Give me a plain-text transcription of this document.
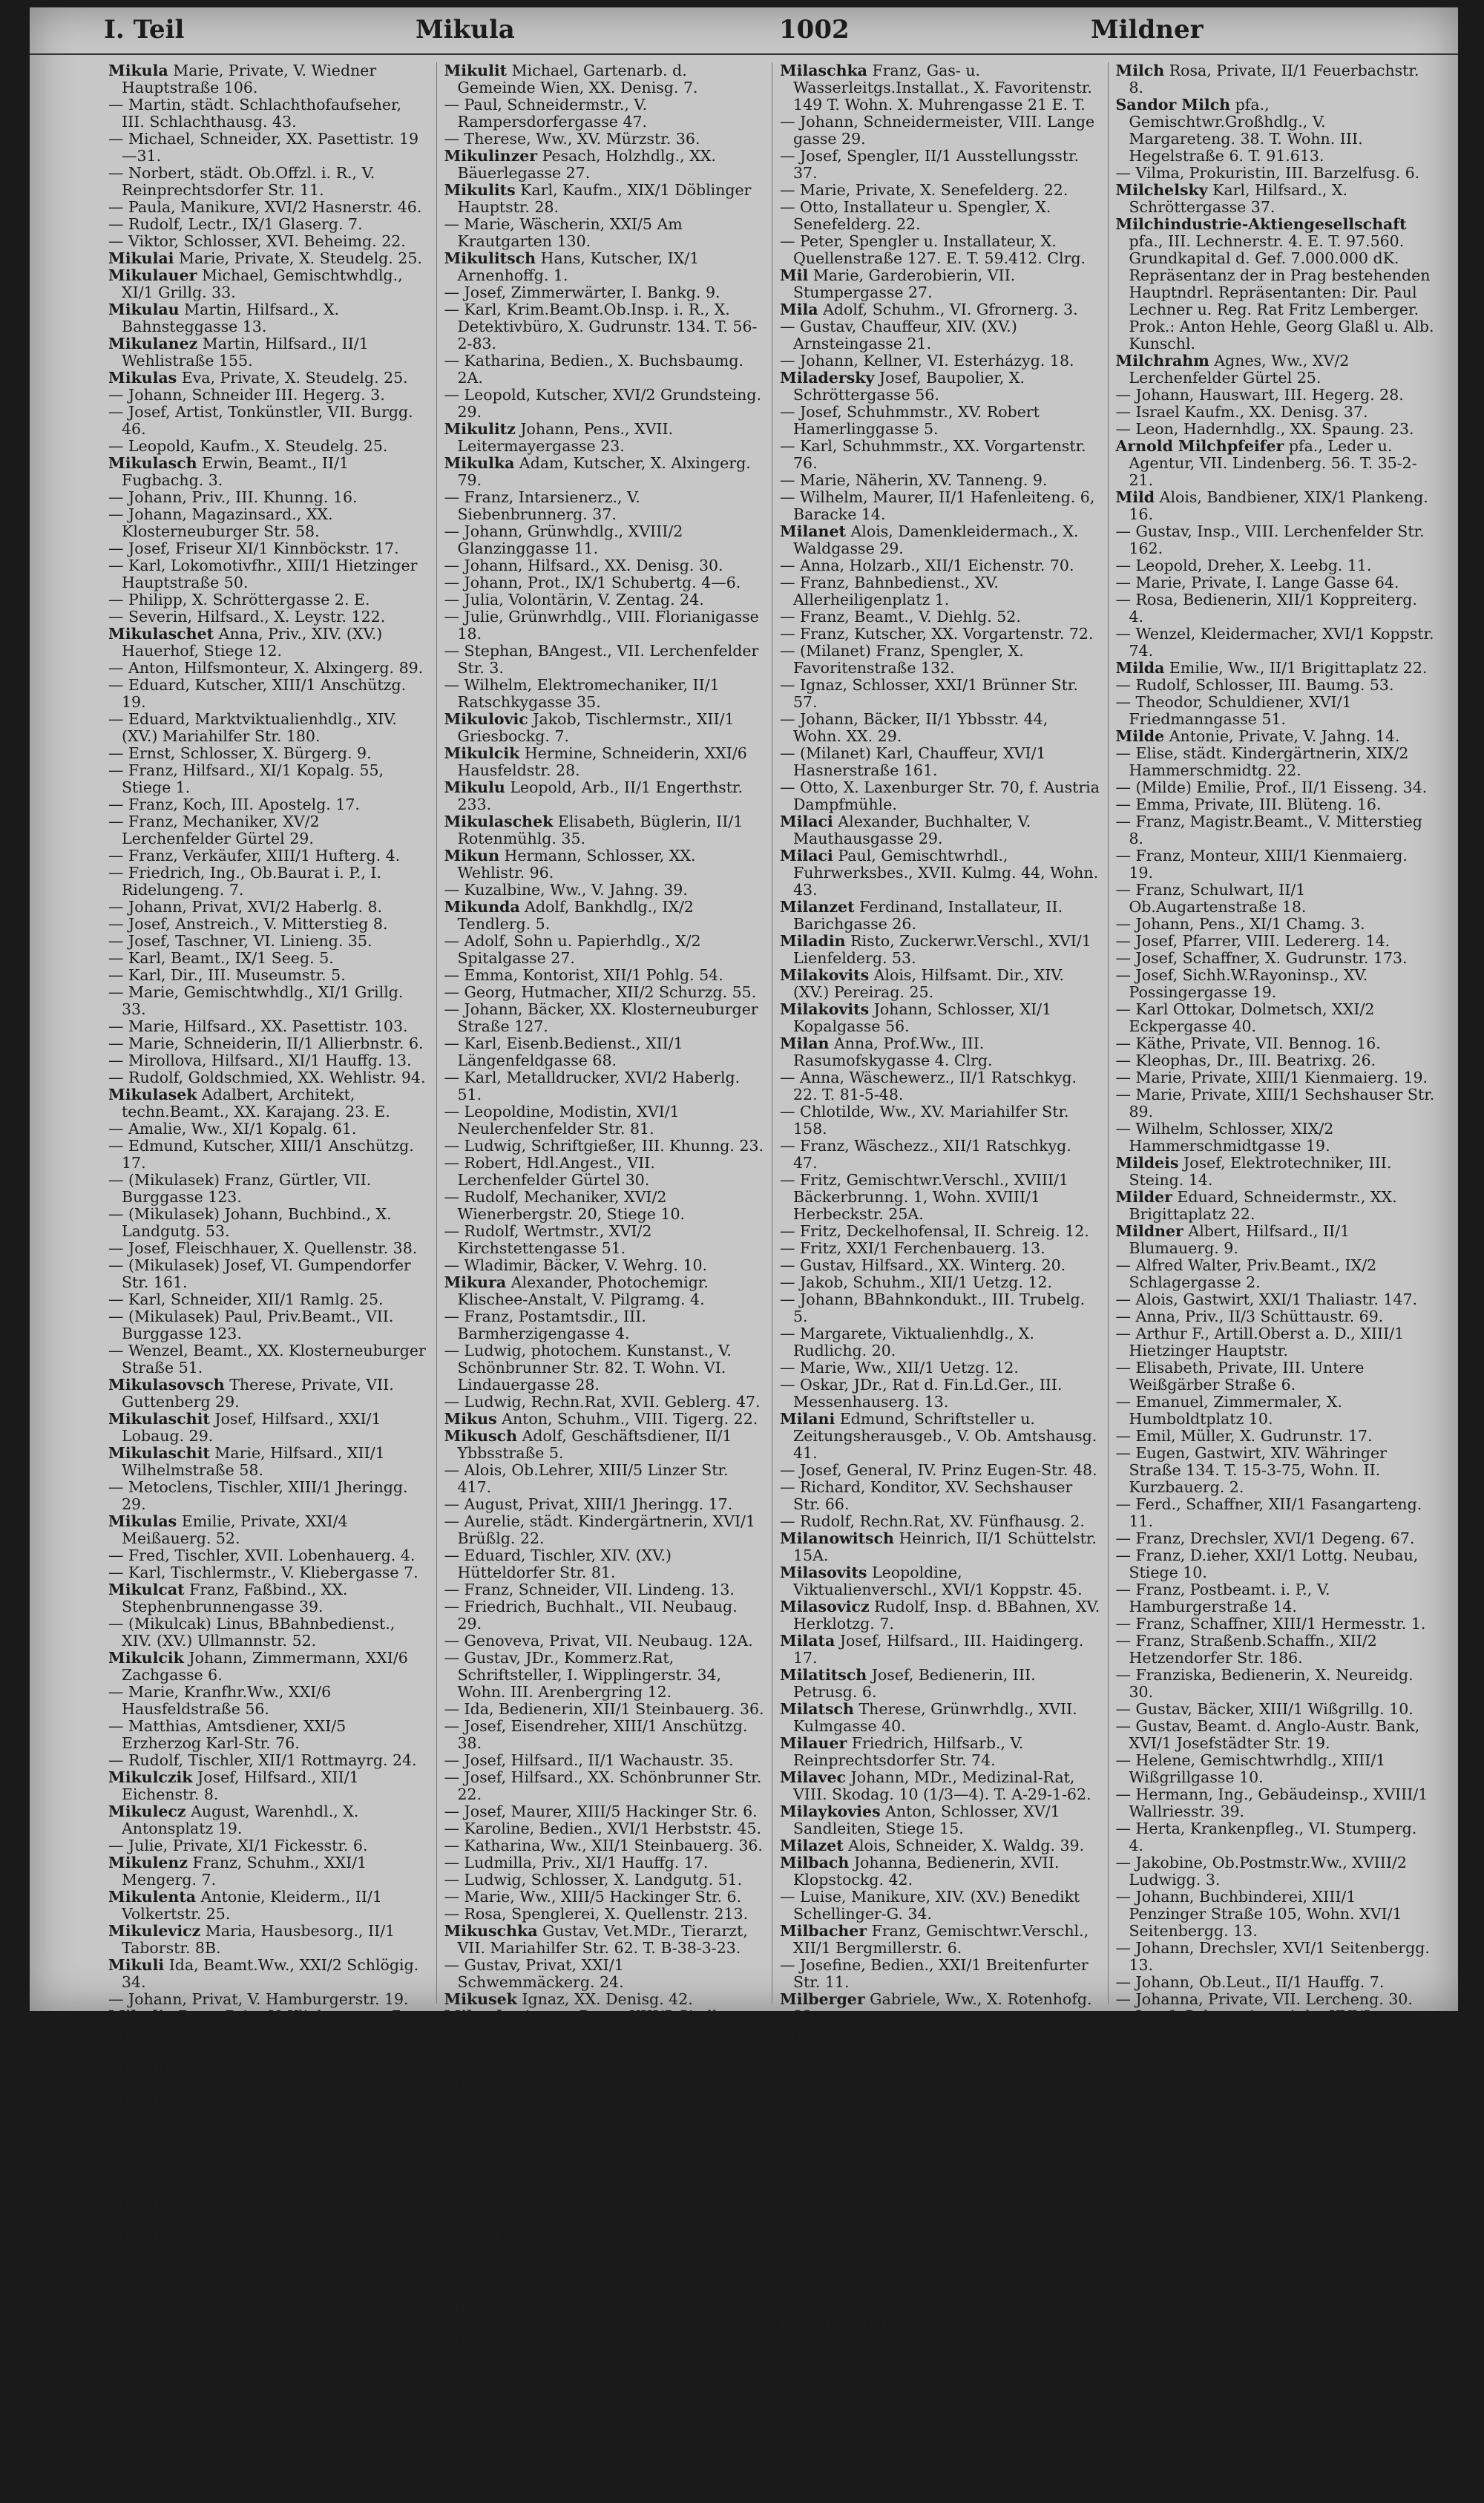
I. Teil	Mikula	1002	Mildner

Mikula Marie, Private, V. Wiedner Hauptstraße 106.

— Martin, städt. Schlachthofaufseher, III. Schlachthausg. 43.

— Michael, Schneider, XX. Pasettistr. 19—31.

— Norbert, städt. Ob.Offzl. i. R., V. Reinprechtsdorfer Str. 11.

— Paula, Manikure, XVI/2 Hasnerstr. 46.

— Rudolf, Lectr., IX/1 Glaserg. 7.

— Viktor, Schlosser, XVI. Beheimg. 22.

Mikulai Marie, Private, X. Steudelg. 25.

Mikulauer Michael, Gemischtwhdlg., XI/1 Grillg. 33.

Mikulau Martin, Hilfsard., X. Bahnsteggasse 13.

Mikulanez Martin, Hilfsard., II/1 Wehlistraße 155.

Mikulas Eva, Private, X. Steudelg. 25.

— Johann, Schneider III. Hegerg. 3.

— Josef, Artist, Tonkünstler, VII. Burgg. 46.

— Leopold, Kaufm., X. Steudelg. 25.

Mikulasch Erwin, Beamt., II/1 Fugbachg. 3.

— Johann, Priv., III. Khunng. 16.

— Johann, Magazinsard., XX. Klosterneuburger Str. 58.

— Josef, Friseur XI/1 Kinnböckstr. 17.

— Karl, Lokomotivfhr., XIII/1 Hietzinger Hauptstraße 50.

— Philipp, X. Schröttergasse 2. E.

— Severin, Hilfsard., X. Leystr. 122.

Mikulaschet Anna, Priv., XIV. (XV.) Hauerhof, Stiege 12.

— Anton, Hilfsmonteur, X. Alxingerg. 89.

— Eduard, Kutscher, XIII/1 Anschützg. 19.

— Eduard, Marktviktualienhdlg., XIV. (XV.) Mariahilfer Str. 180.

— Ernst, Schlosser, X. Bürgerg. 9.

— Franz, Hilfsard., XI/1 Kopalg. 55, Stiege 1.

— Franz, Koch, III. Apostelg. 17.

— Franz, Mechaniker, XV/2 Lerchenfelder Gürtel 29.

— Franz, Verkäufer, XIII/1 Hufterg. 4.

— Friedrich, Ing., Ob.Baurat i. P., I. Ridelungeng. 7.

— Johann, Privat, XVI/2 Haberlg. 8.

— Josef, Anstreich., V. Mitterstieg 8.

— Josef, Taschner, VI. Linieng. 35.

— Karl, Beamt., IX/1 Seeg. 5.

— Karl, Dir., III. Museumstr. 5.

— Marie, Gemischtwhdlg., XI/1 Grillg. 33.

— Marie, Hilfsard., XX. Pasettistr. 103.

— Marie, Schneiderin, II/1 Allierbnstr. 6.

— Mirollova, Hilfsard., XI/1 Hauffg. 13.

— Rudolf, Goldschmied, XX. Wehlistr. 94.

Mikulasek Adalbert, Architekt, techn.Beamt., XX. Karajang. 23. E.

— Amalie, Ww., XI/1 Kopalg. 61.

— Edmund, Kutscher, XIII/1 Anschützg. 17.

— (Mikulasek) Franz, Gürtler, VII. Burggasse 123.

— (Mikulasek) Johann, Buchbind., X. Landgutg. 53.

— Josef, Fleischhauer, X. Quellenstr. 38.

— (Mikulasek) Josef, VI. Gumpendorfer Str. 161.

— Karl, Schneider, XII/1 Ramlg. 25.

— (Mikulasek) Paul, Priv.Beamt., VII. Burggasse 123.

— Wenzel, Beamt., XX. Klosterneuburger Straße 51.

Mikulasovsch Therese, Private, VII. Guttenberg 29.

Mikulaschit Josef, Hilfsard., XXI/1 Lobaug. 29.

Mikulaschit Marie, Hilfsard., XII/1 Wilhelmstraße 58.

— Metoclens, Tischler, XIII/1 Jheringg. 29.

Mikulas Emilie, Private, XXI/4 Meißauerg. 52.

— Fred, Tischler, XVII. Lobenhauerg. 4.

— Karl, Tischlermstr., V. Kliebergasse 7.

Mikulcat Franz, Faßbind., XX. Stephenbrunnengasse 39.

— (Mikulcak) Linus, BBahnbedienst., XIV. (XV.) Ullmannstr. 52.

Mikulcik Johann, Zimmermann, XXI/6 Zachgasse 6.

— Marie, Kranfhr.Ww., XXI/6 Hausfeldstraße 56.

— Matthias, Amtsdiener, XXI/5 Erzherzog Karl-Str. 76.

— Rudolf, Tischler, XII/1 Rottmayrg. 24.

Mikulczik Josef, Hilfsard., XII/1 Eichenstr. 8.

Mikulecz August, Warenhdl., X. Antonsplatz 19.

— Julie, Private, XI/1 Fickesstr. 6.

Mikulenz Franz, Schuhm., XXI/1 Mengerg. 7.

Mikulenta Antonie, Kleiderm., II/1 Volkertstr. 25.

Mikulevicz Maria, Hausbesorg., II/1 Taborstr. 8B.

Mikuli Ida, Beamt.Ww., XXI/2 Schlögig. 34.

— Johann, Privat, V. Hamburgerstr. 19.

Mikulic Rosa, Priv., V. Kliebergasse 7.

Mikulic-Rudecki Marie, Private, V. Hamburgerstr. 14.

Mikulica Franz, Müllner, XVIII/1 Theresiengasse 28.

Mikulics Josef, Installat. u. Spengler, XIV. (XV.) Sturzg. 28.

— (Mikulics) Karl, Elektrik., II/1 Gr. Sperlgasse 21.

— (Mikulics) Paul, Grünwrhdlg., XX. Herklotzg. 4, Wohn. VI. Kaiserstr. 109.

Mikulien Anna, Private, XII/1 Dörfelstr. 10.

Mikulin Bernhard, städt. Beamt., II. Mohsgasse 27.

— Ignaz, Schlosser, XVII. Kalvarienberggasse 54.

— Johann, Hilfsard., X. Laxenstr. 16.

— Josefine, Private, XXI/1 Am Krautgarten 130.

— Karl, techn.Rat, XII/1 St. Belt-G. 76.

— Marie, Private, XIX/1 Rodlerg. 6.

Mikulit Michael, Gartenarb. d. Gemeinde Wien, XX. Denisg. 7.

— Paul, Schneidermstr., V. Rampersdorfergasse 47.

— Therese, Ww., XV. Mürzstr. 36.

Mikulinzer Pesach, Holzhdlg., XX. Bäuerlegasse 27.

Mikulits Karl, Kaufm., XIX/1 Döblinger Hauptstr. 28.

— Marie, Wäscherin, XXI/5 Am Krautgarten 130.

Mikulitsch Hans, Kutscher, IX/1 Arnenhoffg. 1.

— Josef, Zimmerwärter, I. Bankg. 9.

— Karl, Krim.Beamt.Ob.Insp. i. R., X. Detektivbüro, X. Gudrunstr. 134. T. 56-2-83.

— Katharina, Bedien., X. Buchsbaumg. 2A.

— Leopold, Kutscher, XVI/2 Grundsteing. 29.

Mikulitz Johann, Pens., XVII. Leitermayergasse 23.

Mikulka Adam, Kutscher, X. Alxingerg. 79.

— Franz, Intarsienerz., V. Siebenbrunnerg. 37.

— Johann, Grünwhdlg., XVIII/2 Glanzinggasse 11.

— Johann, Hilfsard., XX. Denisg. 30.

— Johann, Prot., IX/1 Schubertg. 4—6.

— Julia, Volontärin, V. Zentag. 24.

— Julie, Grünwrhdlg., VIII. Florianigasse 18.

— Stephan, BAngest., VII. Lerchenfelder Str. 3.

— Wilhelm, Elektromechaniker, II/1 Ratschkygasse 35.

Mikulovic Jakob, Tischlermstr., XII/1 Griesbockg. 7.

Mikulcik Hermine, Schneiderin, XXI/6 Hausfeldstr. 28.

Mikulu Leopold, Arb., II/1 Engerthstr. 233.

Mikulaschek Elisabeth, Büglerin, II/1 Rotenmühlg. 35.

Mikun Hermann, Schlosser, XX. Wehlistr. 96.

— Kuzalbine, Ww., V. Jahng. 39.

Mikunda Adolf, Bankhdlg., IX/2 Tendlerg. 5.

— Adolf, Sohn u. Papierhdlg., X/2 Spitalgasse 27.

— Emma, Kontorist, XII/1 Pohlg. 54.

— Georg, Hutmacher, XII/2 Schurzg. 55.

— Johann, Bäcker, XX. Klosterneuburger Straße 127.

— Karl, Eisenb.Bedienst., XII/1 Längenfeldgasse 68.

— Karl, Metalldrucker, XVI/2 Haberlg. 51.

— Leopoldine, Modistin, XVI/1 Neulerchenfelder Str. 81.

— Ludwig, Schriftgießer, III. Khunng. 23.

— Robert, Hdl.Angest., VII. Lerchenfelder Gürtel 30.

— Rudolf, Mechaniker, XVI/2 Wienerbergstr. 20, Stiege 10.

— Rudolf, Wertmstr., XVI/2 Kirchstettengasse 51.

— Wladimir, Bäcker, V. Wehrg. 10.

Mikura Alexander, Photochemigr. Klischee-Anstalt, V. Pilgramg. 4.

— Franz, Postamtsdir., III. Barmherzigengasse 4.

— Ludwig, photochem. Kunstanst., V. Schönbrunner Str. 82. T. Wohn. VI. Lindauergasse 28.

— Ludwig, Rechn.Rat, XVII. Geblerg. 47.

Mikus Anton, Schuhm., VIII. Tigerg. 22.

Mikusch Adolf, Geschäftsdiener, II/1 Ybbsstraße 5.

— Alois, Ob.Lehrer, XIII/5 Linzer Str. 417.

— August, Privat, XIII/1 Jheringg. 17.

— Aurelie, städt. Kindergärtnerin, XVI/1 Brüßlg. 22.

— Eduard, Tischler, XIV. (XV.) Hütteldorfer Str. 81.

— Franz, Schneider, VII. Lindeng. 13.

— Friedrich, Buchhalt., VII. Neubaug. 29.

— Genoveva, Privat, VII. Neubaug. 12A.

— Gustav, JDr., Kommerz.Rat, Schriftsteller, I. Wipplingerstr. 34, Wohn. III. Arenbergring 12.

— Ida, Bedienerin, XII/1 Steinbauerg. 36.

— Josef, Eisendreher, XIII/1 Anschützg. 38.

— Josef, Hilfsard., II/1 Wachaustr. 35.

— Josef, Hilfsard., XX. Schönbrunner Str. 22.

— Josef, Maurer, XIII/5 Hackinger Str. 6.

— Karoline, Bedien., XVI/1 Herbststr. 45.

— Katharina, Ww., XII/1 Steinbauerg. 36.

— Ludmilla, Priv., XI/1 Hauffg. 17.

— Ludwig, Schlosser, X. Landgutg. 51.

— Marie, Ww., XIII/5 Hackinger Str. 6.

— Rosa, Spenglerei, X. Quellenstr. 213.

Mikuschka Gustav, Vet.MDr., Tierarzt, VII. Mariahilfer Str. 62. T. B-38-3-23.

— Gustav, Privat, XXI/1 Schwemmäckerg. 24.

Mikusek Ignaz, XX. Denisg. 42.

Mikuska Agnes, Pens., XIII/5 Siedlg. Flötzersteig 157.

— (Mikuska) Leopold, Buchbinder, XVI/1 Wernhardtstr. 17.

Mikusko Agnes, Krankenpfleg., IX/1 Guffenbauerg. 6.

Mikustovicz Antonie, Bedien., V. Kompertg. 3.

— Franz, Hilfsard., XX. Innstr. 13.

— Leopoldine, Bedienerin, V. Wimmerg. 33.

Mikuta Georg, Hilfsard., V. Wimmerg. 33.

Mikyska Albert, Schaffner, XX. Spaung. 21.

— Karoline, Ww., XVIII/1 Klosterg. 17.

— Robert, Priv.Beamt., V. Grünwaldg. 1.

Milfya Alois, Schuhm., XVI/2 Liebhardtgasse 13.

Milade Josef, Stontift, VIII. Sigmundsgasse 15.

Milaschka Alois, JDr., Rechtsanw., III. Schrottgasse 6—8. T. 93.910.

Milaschka Franz, Gas- u. Wasserleitgs.Installat., X. Favoritenstr. 149 T. Wohn. X. Muhrengasse 21 E. T.

— Johann, Schneidermeister, VIII. Lange gasse 29.

— Josef, Spengler, II/1 Ausstellungsstr. 37.

— Marie, Private, X. Senefelderg. 22.

— Otto, Installateur u. Spengler, X. Senefelderg. 22.

— Peter, Spengler u. Installateur, X. Quellenstraße 127. E. T. 59.412. Clrg.

Mil Marie, Garderobierin, VII. Stumpergasse 27.

Mila Adolf, Schuhm., VI. Gfrornerg. 3.

— Gustav, Chauffeur, XIV. (XV.) Arnsteingasse 21.

— Johann, Kellner, VI. Esterházyg. 18.

Miladersky Josef, Baupolier, X. Schröttergasse 56.

— Josef, Schuhmmstr., XV. Robert Hamerlinggasse 5.

— Karl, Schuhmmstr., XX. Vorgartenstr. 76.

— Marie, Näherin, XV. Tanneng. 9.

— Wilhelm, Maurer, II/1 Hafenleiteng. 6, Baracke 14.

Milanet Alois, Damenkleidermach., X. Waldgasse 29.

— Anna, Holzarb., XII/1 Eichenstr. 70.

— Franz, Bahnbedienst., XV. Allerheiligenplatz 1.

— Franz, Beamt., V. Diehlg. 52.

— Franz, Kutscher, XX. Vorgartenstr. 72.

— (Milanet) Franz, Spengler, X. Favoritenstraße 132.

— Ignaz, Schlosser, XXI/1 Brünner Str. 57.

— Johann, Bäcker, II/1 Ybbsstr. 44, Wohn. XX. 29.

— (Milanet) Karl, Chauffeur, XVI/1 Hasnerstraße 161.

— Otto, X. Laxenburger Str. 70, f. Austria Dampfmühle.

Milaci Alexander, Buchhalter, V. Mauthausgasse 29.

Milaci Paul, Gemischtwrhdl., Fuhrwerksbes., XVII. Kulmg. 44, Wohn. 43.

Milanzet Ferdinand, Installateur, II. Barichgasse 26.

Miladin Risto, Zuckerwr.Verschl., XVI/1 Lienfelderg. 53.

Milakovits Alois, Hilfsamt. Dir., XIV. (XV.) Pereirag. 25.

Milakovits Johann, Schlosser, XI/1 Kopalgasse 56.

Milan Anna, Prof.Ww., III. Rasumofskygasse 4. Clrg.

— Anna, Wäschewerz., II/1 Ratschkyg. 22. T. 81-5-48.

— Chlotilde, Ww., XV. Mariahilfer Str. 158.

— Franz, Wäschezz., XII/1 Ratschkyg. 47.

— Fritz, Gemischtwr.Verschl., XVIII/1 Bäckerbrunng. 1, Wohn. XVIII/1 Herbeckstr. 25A.

— Fritz, Deckelhofensal, II. Schreig. 12.

— Fritz, XXI/1 Ferchenbauerg. 13.

— Gustav, Hilfsard., XX. Winterg. 20.

— Jakob, Schuhm., XII/1 Uetzg. 12.

— Johann, BBahnkondukt., III. Trubelg. 5.

— Margarete, Viktualienhdlg., X. Rudlichg. 20.

— Marie, Ww., XII/1 Uetzg. 12.

— Oskar, JDr., Rat d. Fin.Ld.Ger., III. Messenhauserg. 13.

Milani Edmund, Schriftsteller u. Zeitungsherausgeb., V. Ob. Amtshausg. 41.

— Josef, General, IV. Prinz Eugen-Str. 48.

— Richard, Konditor, XV. Sechshauser Str. 66.

— Rudolf, Rechn.Rat, XV. Fünfhausg. 2.

Milanowitsch Heinrich, II/1 Schüttelstr. 15A.

Milasovits Leopoldine, Viktualienverschl., XVI/1 Koppstr. 45.

Milasovicz Rudolf, Insp. d. BBahnen, XV. Herklotzg. 7.

Milata Josef, Hilfsard., III. Haidingerg. 17.

Milatitsch Josef, Bedienerin, III. Petrusg. 6.

Milatsch Therese, Grünwrhdlg., XVII. Kulmgasse 40.

Milauer Friedrich, Hilfsarb., V. Reinprechtsdorfer Str. 74.

Milavec Johann, MDr., Medizinal-Rat, VIII. Skodag. 10 (1/3—4). T. A-29-1-62.

Milaykovies Anton, Schlosser, XV/1 Sandleiten, Stiege 15.

Milazet Alois, Schneider, X. Waldg. 39.

Milbach Johanna, Bedienerin, XVII. Klopstockg. 42.

— Luise, Manikure, XIV. (XV.) Benedikt Schellinger-G. 34.

Milbacher Franz, Gemischtwr.Verschl., XII/1 Bergmillerstr. 6.

— Josefine, Bedien., XXI/1 Breitenfurter Str. 11.

Milberger Gabriele, Ww., X. Rotenhofg. 32.

Milch Albert, JDr., Rechtsanwalt, VII. Schottenfeldg. 53. T. B-33-3-73.

— Charlotte, Branntweinschank, VI. Stumpergasse 41. Wohn. Nr. 50.

— Eugen, MDr., Spitalarzt, III. Blüteng. 7.

— Heinrich, Spirituosenerz., II/1 Nueppg. 11.

— Josef, Lederhdlg., XX. Heinzelmanng. 14.

— Josef, Priv.Beamt., XX. Treustr. 33.

— Josef, Schuhmacherzugehörhdlg., XX. Wallensteinpl. 21. Wohn. XX. Wolfsaug. 10.

— Josefine, Private, XX. Ofspeig. 28.

— Luise, Private, III. Blüteng. 7. E.

— Otto, Installateur, I. Biberstr. 15.

Rob. Jul. Milch pfa., beeid. Inventurs- u. Schätzungsmeister u. Sachverst., Kommissionshdl. m. Automobilen, Automobilzugehör und techn. Artikeln, I. Stubenring 22. T. 70.304, Wohnung III. Kegelgasse 43. T. 97.078.

Milch Rosa, Private, II/1 Feuerbachstr. 8.

Sandor Milch pfa., Gemischtwr.Großhdlg., V. Margareteng. 38. T. Wohn. III. Hegelstraße 6. T. 91.613.

— Vilma, Prokuristin, III. Barzelfusg. 6.

Milchelsky Karl, Hilfsard., X. Schröttergasse 37.

Milchindustrie-Aktiengesellschaft pfa., III. Lechnerstr. 4. E. T. 97.560. Grundkapital d. Gef. 7.000.000 dK. Repräsentanz der in Prag bestehenden Hauptndrl. Repräsentanten: Dir. Paul Lechner u. Reg. Rat Fritz Lemberger. Prok.: Anton Hehle, Georg Glaßl u. Alb. Kunschl.

Milchrahm Agnes, Ww., XV/2 Lerchenfelder Gürtel 25.

— Johann, Hauswart, III. Hegerg. 28.

— Israel Kaufm., XX. Denisg. 37.

— Leon, Hadernhdlg., XX. Spaung. 23.

Arnold Milchpfeifer pfa., Leder u. Agentur, VII. Lindenberg. 56. T. 35-2-21.

Mild Alois, Bandbiener, XIX/1 Plankeng. 16.

— Gustav, Insp., VIII. Lerchenfelder Str. 162.

— Leopold, Dreher, X. Leebg. 11.

— Marie, Private, I. Lange Gasse 64.

— Rosa, Bedienerin, XII/1 Koppreiterg. 4.

— Wenzel, Kleidermacher, XVI/1 Koppstr. 74.

Milda Emilie, Ww., II/1 Brigittaplatz 22.

— Rudolf, Schlosser, III. Baumg. 53.

— Theodor, Schuldiener, XVI/1 Friedmanngasse 51.

Milde Antonie, Private, V. Jahng. 14.

— Elise, städt. Kindergärtnerin, XIX/2 Hammerschmidtg. 22.

— (Milde) Emilie, Prof., II/1 Eisseng. 34.

— Emma, Private, III. Blüteng. 16.

— Franz, Magistr.Beamt., V. Mitterstieg 8.

— Franz, Monteur, XIII/1 Kienmaierg. 19.

— Franz, Schulwart, II/1 Ob.Augartenstraße 18.

— Johann, Pens., XI/1 Chamg. 3.

— Josef, Pfarrer, VIII. Ledererg. 14.

— Josef, Schaffner, X. Gudrunstr. 173.

— Josef, Sichh.W.Rayoninsp., XV. Possingergasse 19.

— Karl Ottokar, Dolmetsch, XXI/2 Eckpergasse 40.

— Käthe, Private, VII. Bennog. 16.

— Kleophas, Dr., III. Beatrixg. 26.

— Marie, Private, XIII/1 Kienmaierg. 19.

— Marie, Private, XIII/1 Sechshauser Str. 89.

— Wilhelm, Schlosser, XIX/2 Hammerschmidtgasse 19.

Mildeis Josef, Elektrotechniker, III. Steing. 14.

Milder Eduard, Schneidermstr., XX. Brigittaplatz 22.

Mildner Albert, Hilfsard., II/1 Blumauerg. 9.

— Alfred Walter, Priv.Beamt., IX/2 Schlagergasse 2.

— Alois, Gastwirt, XXI/1 Thaliastr. 147.

— Anna, Priv., II/3 Schüttaustr. 69.

— Arthur F., Artill.Oberst a. D., XIII/1 Hietzinger Hauptstr.

— Elisabeth, Private, III. Untere Weißgärber Straße 6.

— Emanuel, Zimmermaler, X. Humboldtplatz 10.

— Emil, Müller, X. Gudrunstr. 17.

— Eugen, Gastwirt, XIV. Währinger Straße 134. T. 15-3-75, Wohn. II. Kurzbauerg. 2.

— Ferd., Schaffner, XII/1 Fasangarteng. 11.

— Franz, Drechsler, XVI/1 Degeng. 67.

— Franz, D.ieher, XXI/1 Lottg. Neubau, Stiege 10.

— Franz, Postbeamt. i. P., V. Hamburgerstraße 14.

— Franz, Schaffner, XIII/1 Hermesstr. 1.

— Franz, Straßenb.Schaffn., XII/2 Hetzendorfer Str. 186.

— Franziska, Bedienerin, X. Neureidg. 30.

— Gustav, Bäcker, XIII/1 Wißgrillg. 10.

— Gustav, Beamt. d. Anglo-Austr. Bank, XVI/1 Josefstädter Str. 19.

— Helene, Gemischtwrhdlg., XIII/1 Wißgrillgasse 10.

— Hermann, Ing., Gebäudeinsp., XVIII/1 Wallriesstr. 39.

— Herta, Krankenpfleg., VI. Stumperg. 4.

— Jakobine, Ob.Postmstr.Ww., XVIII/2 Ludwigg. 3.

— Johann, Buchbinderei, XIII/1 Penzinger Straße 105, Wohn. XVI/1 Seitenbergg. 13.

— Johann, Drechsler, XVI/1 Seitenbergg. 13.

— Johann, Ob.Leut., II/1 Hauffg. 7.

— Johanna, Private, VII. Lercheng. 30.

— Josef, Galanteriewr.Arb., XVI/3 Fröbelg. 15.

— Josef, Rayon-Insp., XXI/7 Hirschstettener Straße 104.

— Juliana, Hauswart, I. Judenplatz 9.

— Karl, Offzl. i. R., XXI/1 Enzersdorfer Weg 16.

— Karoline, Haushälterin, XVIII/1 Gymnasiumg. 8.

— Karoline, Priv., VI. Stumperg. 4.

— Kreszenzia, Strickerin, V. Arbeiterg. 35.

— Leopold, Werkmstr., XX. Leystr. 22.

— Leopoldine, Ing.Ww., XVIII/1 Wallriesstr. 39.

— Max, XXI/1 Baumerg. 15.

— Moritz, Steuer-Ob.Verw. i. R., II/1 Afferbachstr. 22.

— Olga, Hebamme, XIX/1 Billrothstr. 23.

— Oskar, Ob.Verwahrer i. Dorotheum, VII. Halbg. 17.

— Roman, BBedienst., XXI/1 Brünner Str. 123.

— Rudolf, Drechsler, V. Pilgramg. 8.

— Rudolf, Hilfsard., I. Wipplingerstr. 13.

— Rudolf, städt. Lehrer, XV. Tautenhayngasse 29.

— Rudolf, Metallard., XIII/1 Linzer Str. 93.
